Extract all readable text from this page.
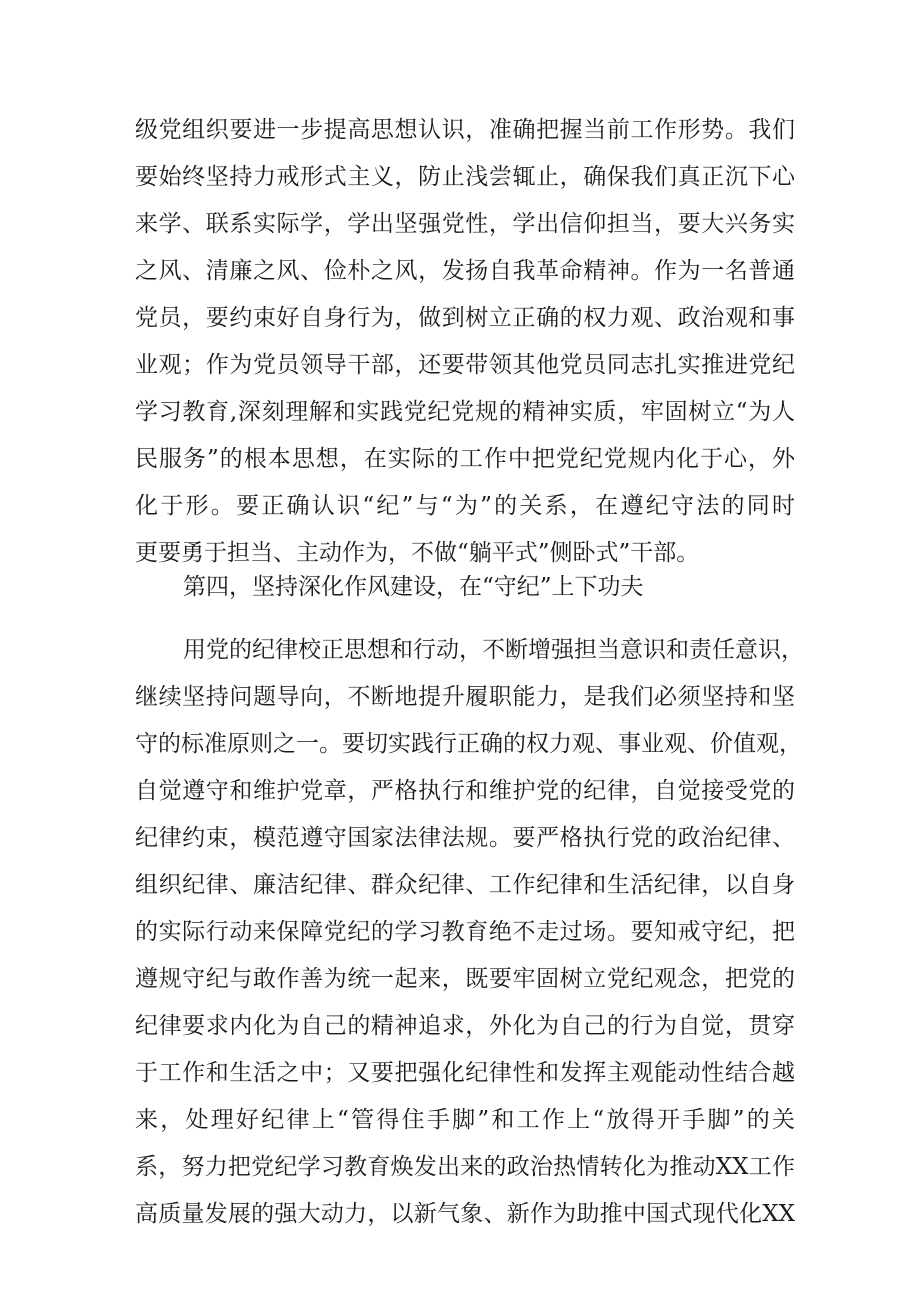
级党组织要进一步提高思想认识，准确把握当前工作形势。我们
要始终坚持力戒形式主义，防止浅尝辄止，确保我们真正沉下心
来学、联系实际学，学出坚强党性，学出信仰担当，要大兴务实
之风、清廉之风、俭朴之风，发扬自我革命精神。作为一名普通
党员，要约束好自身行为，做到树立正确的权力观、政治观和事
业观；作为党员领导干部，还要带领其他党员同志扎实推进党纪
学习教育,深刻理解和实践党纪党规的精神实质，牢固树立“为人
民服务”的根本思想，在实际的工作中把党纪党规内化于心，外
化于形。要正确认识“纪”与“为”的关系，在遵纪守法的同时
更要勇于担当、主动作为，不做“躺平式”侧卧式”干部。
第四，坚持深化作风建设，在“守纪”上下功夫
用党的纪律校正思想和行动，不断增强担当意识和责任意识，
继续坚持问题导向，不断地提升履职能力，是我们必须坚持和坚
守的标准原则之一。要切实践行正确的权力观、事业观、价值观，
自觉遵守和维护党章，严格执行和维护党的纪律，自觉接受党的
纪律约束，模范遵守国家法律法规。要严格执行党的政治纪律、
组织纪律、廉洁纪律、群众纪律、工作纪律和生活纪律，以自身
的实际行动来保障党纪的学习教育绝不走过场。要知戒守纪，把
遵规守纪与敢作善为统一起来，既要牢固树立党纪观念，把党的
纪律要求内化为自己的精神追求，外化为自己的行为自觉，贯穿
于工作和生活之中；又要把强化纪律性和发挥主观能动性结合越
来，处理好纪律上“管得住手脚”和工作上“放得开手脚”的关
系，努力把党纪学习教育焕发出来的政治热情转化为推动XX工作
高质量发展的强大动力，以新气象、新作为助推中国式现代化XX
